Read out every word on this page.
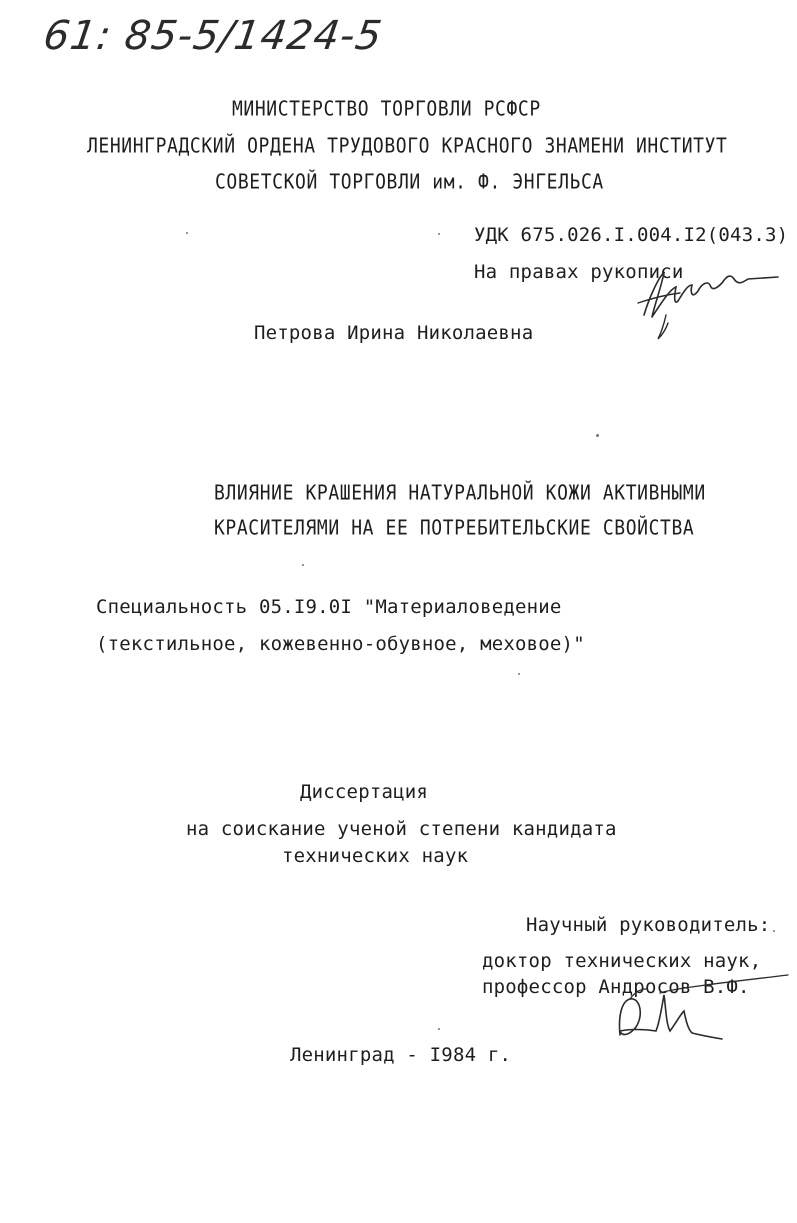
61: 85-5/1424-5
МИНИСТЕРСТВО ТОРГОВЛИ РСФСР
ЛЕНИНГРАДСКИЙ ОРДЕНА ТРУДОВОГО КРАСНОГО ЗНАМЕНИ ИНСТИТУТ
СОВЕТСКОЙ ТОРГОВЛИ им. Ф. ЭНГЕЛЬСА
УДК 675.026.I.004.I2(043.3)
На правах рукописи
Петрова Ирина Николаевна
ВЛИЯНИЕ КРАШЕНИЯ НАТУРАЛЬНОЙ КОЖИ АКТИВНЫМИ
КРАСИТЕЛЯМИ НА ЕЕ ПОТРЕБИТЕЛЬСКИЕ СВОЙСТВА
Специальность 05.I9.0I "Материаловедение
(текстильное, кожевенно-обувное, меховое)"
Диссертация
на соискание ученой степени кандидата
технических наук
Научный руководитель:
доктор технических наук,
профессор Андросов В.Ф.
Ленинград - I984 г.
